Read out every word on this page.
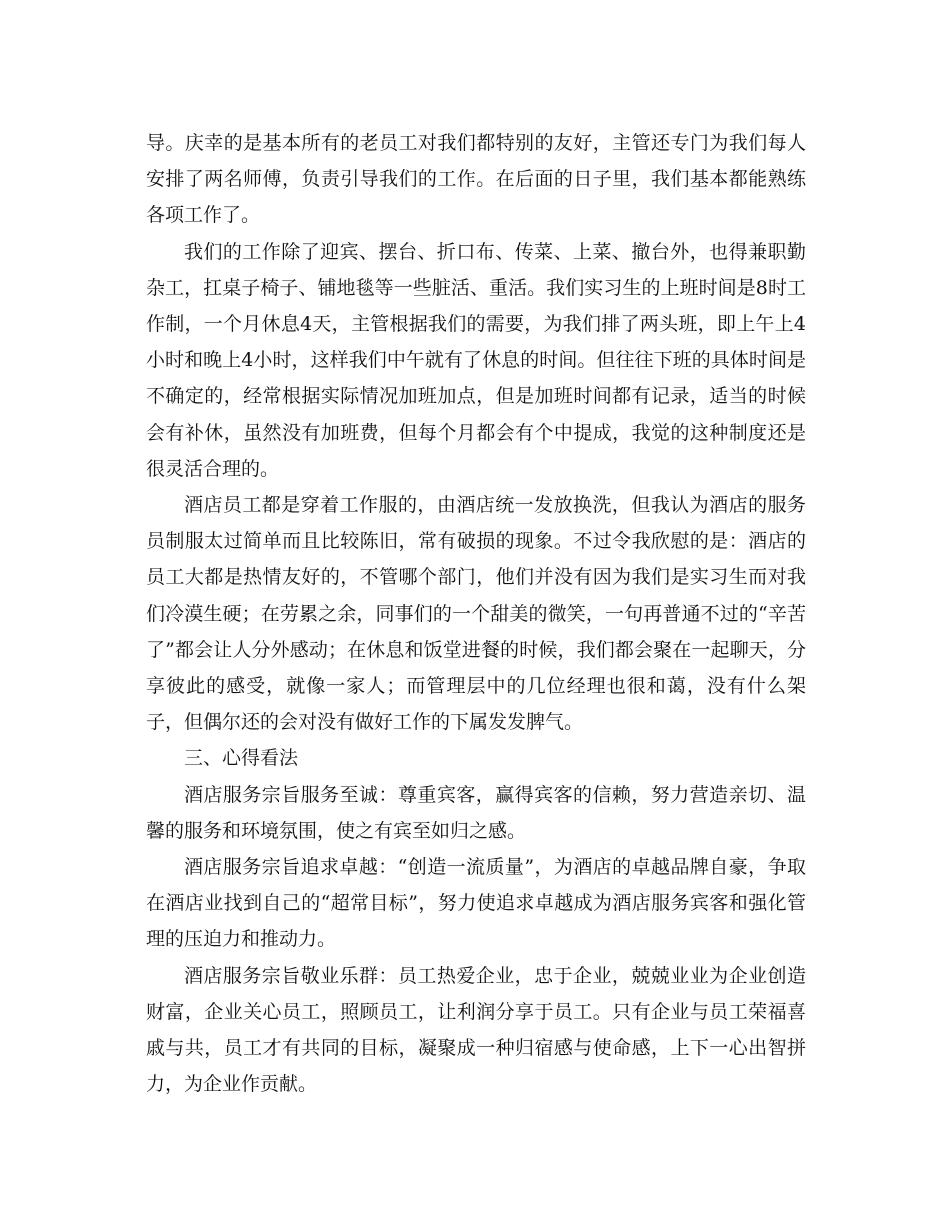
导。庆幸的是基本所有的老员工对我们都特别的友好，主管还专门为我们每人安排了两名师傅，负责引导我们的工作。在后面的日子里，我们基本都能熟练各项工作了。

我们的工作除了迎宾、摆台、折口布、传菜、上菜、撤台外，也得兼职勤杂工，扛桌子椅子、铺地毯等一些脏活、重活。我们实习生的上班时间是8时工作制，一个月休息4天，主管根据我们的需要，为我们排了两头班，即上午上4小时和晚上4小时，这样我们中午就有了休息的时间。但往往下班的具体时间是不确定的，经常根据实际情况加班加点，但是加班时间都有记录，适当的时候会有补休，虽然没有加班费，但每个月都会有个中提成，我觉的这种制度还是很灵活合理的。

酒店员工都是穿着工作服的，由酒店统一发放换洗，但我认为酒店的服务员制服太过简单而且比较陈旧，常有破损的现象。不过令我欣慰的是：酒店的员工大都是热情友好的，不管哪个部门，他们并没有因为我们是实习生而对我们冷漠生硬；在劳累之余，同事们的一个甜美的微笑，一句再普通不过的“辛苦了”都会让人分外感动；在休息和饭堂进餐的时候，我们都会聚在一起聊天，分享彼此的感受，就像一家人；而管理层中的几位经理也很和蔼，没有什么架子，但偶尔还的会对没有做好工作的下属发发脾气。

三、心得看法

酒店服务宗旨服务至诚：尊重宾客，赢得宾客的信赖，努力营造亲切、温馨的服务和环境氛围，使之有宾至如归之感。

酒店服务宗旨追求卓越：“创造一流质量”，为酒店的卓越品牌自豪，争取在酒店业找到自己的“超常目标”，努力使追求卓越成为酒店服务宾客和强化管理的压迫力和推动力。

酒店服务宗旨敬业乐群：员工热爱企业，忠于企业，兢兢业业为企业创造财富，企业关心员工，照顾员工，让利润分享于员工。只有企业与员工荣福喜戚与共，员工才有共同的目标，凝聚成一种归宿感与使命感，上下一心出智拼力，为企业作贡献。
